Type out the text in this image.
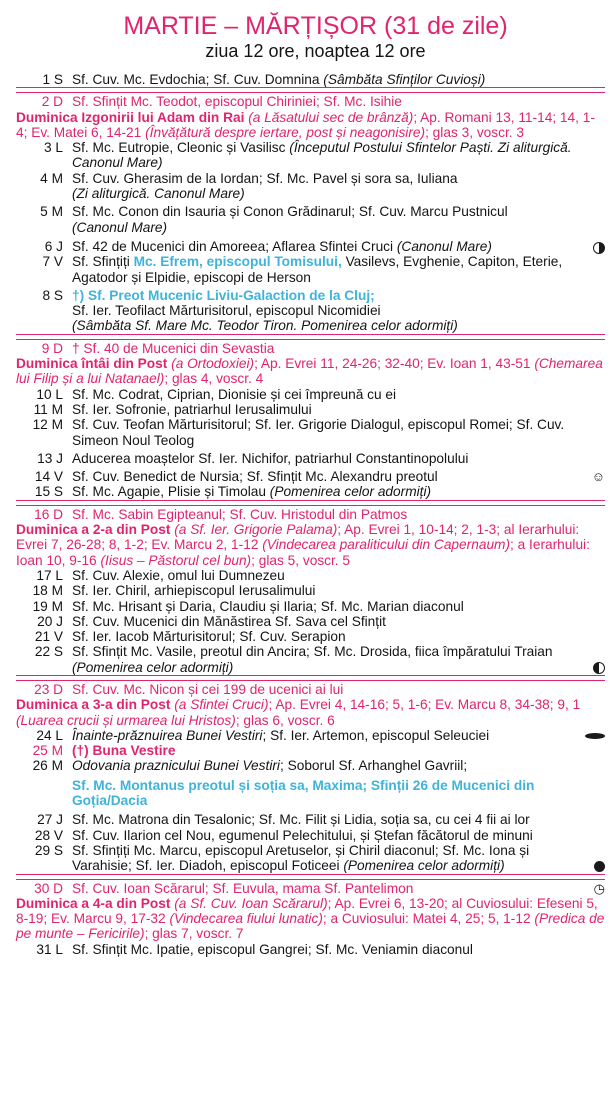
MARTIE – MĂRȚIȘOR (31 de zile)
ziua 12 ore, noaptea 12 ore
1 S Sf. Cuv. Mc. Evdochia; Sf. Cuv. Domnina (Sâmbăta Sfinților Cuvioși)
2 D Sf. Sfințit Mc. Teodot, episcopul Chiriniei; Sf. Mc. Isihie
Duminica Izgonirii lui Adam din Rai (a Lăsatului sec de brânză); Ap. Romani 13, 11-14; 14, 1-4; Ev. Matei 6, 14-21 (Învățătură despre iertare, post și neagonisire); glas 3, voscr. 3
3 L Sf. Mc. Eutropie, Cleonic și Vasilisc (Începutul Postului Sfintelor Paști. Zi aliturgică. Canonul Mare)
4 M Sf. Cuv. Gherasim de la Iordan; Sf. Mc. Pavel și sora sa, Iuliana
(Zi aliturgică. Canonul Mare)
5 M Sf. Mc. Conon din Isauria și Conon Grădinarul; Sf. Cuv. Marcu Pustnicul
(Canonul Mare)
6 J Sf. 42 de Mucenici din Amoreea; Aflarea Sfintei Cruci (Canonul Mare)
7 V Sf. Sfințiți Mc. Efrem, episcopul Tomisului, Vasilevs, Evghenie, Capiton, Eterie, Agatodor și Elpidie, episcopi de Herson
8 S †) Sf. Preot Mucenic Liviu-Galaction de la Cluj;
Sf. Ier. Teofilact Mărturisitorul, episcopul Nicomidiei
(Sâmbăta Sf. Mare Mc. Teodor Tiron. Pomenirea celor adormiți)
9 D † Sf. 40 de Mucenici din Sevastia
Duminica întâi din Post (a Ortodoxiei); Ap. Evrei 11, 24-26; 32-40; Ev. Ioan 1, 43-51 (Chemarea lui Filip și a lui Natanael); glas 4, voscr. 4
10 L Sf. Mc. Codrat, Ciprian, Dionisie și cei împreună cu ei
11 M Sf. Ier. Sofronie, patriarhul Ierusalimului
12 M Sf. Cuv. Teofan Mărturisitorul; Sf. Ier. Grigorie Dialogul, episcopul Romei; Sf. Cuv. Simeon Noul Teolog
13 J Aducerea moaștelor Sf. Ier. Nichifor, patriarhul Constantinopolului
14 V Sf. Cuv. Benedict de Nursia; Sf. Sfințit Mc. Alexandru preotul	☺
15 S Sf. Mc. Agapie, Plisie și Timolau (Pomenirea celor adormiți)
16 D Sf. Mc. Sabin Egipteanul; Sf. Cuv. Hristodul din Patmos
Duminica a 2-a din Post (a Sf. Ier. Grigorie Palama); Ap. Evrei 1, 10-14; 2, 1-3; al Ierarhului: Evrei 7, 26-28; 8, 1-2; Ev. Marcu 2, 1-12 (Vindecarea paraliticului din Capernaum); a Ierarhului: Ioan 10, 9-16 (Iisus – Păstorul cel bun); glas 5, voscr. 5
17 L Sf. Cuv. Alexie, omul lui Dumnezeu
18 M Sf. Ier. Chiril, arhiepiscopul Ierusalimului
19 M Sf. Mc. Hrisant și Daria, Claudiu și Ilaria; Sf. Mc. Marian diaconul
20 J Sf. Cuv. Mucenici din Mănăstirea Sf. Sava cel Sfințit
21 V Sf. Ier. Iacob Mărturisitorul; Sf. Cuv. Serapion
22 S Sf. Sfințit Mc. Vasile, preotul din Ancira; Sf. Mc. Drosida, fiica împăratului Traian (Pomenirea celor adormiți)
23 D Sf. Cuv. Mc. Nicon și cei 199 de ucenici ai lui
Duminica a 3-a din Post (a Sfintei Cruci); Ap. Evrei 4, 14-16; 5, 1-6; Ev. Marcu 8, 34-38; 9, 1 (Luarea crucii și urmarea lui Hristos); glas 6, voscr. 6
24 L Înainte-prăznuirea Bunei Vestiri; Sf. Ier. Artemon, episcopul Seleuciei
25 M (†) Buna Vestire
26 M Odovania praznicului Bunei Vestiri; Soborul Sf. Arhanghel Gavriil;

Sf. Mc. Montanus preotul și soția sa, Maxima; Sfinții 26 de Mucenici din Goția/Dacia
27 J Sf. Mc. Matrona din Tesalonic; Sf. Mc. Filit și Lidia, soția sa, cu cei 4 fii ai lor
28 V Sf. Cuv. Ilarion cel Nou, egumenul Pelechitului, și Ștefan făcătorul de minuni
29 S Sf. Sfințiți Mc. Marcu, episcopul Aretuselor, și Chiril diaconul; Sf. Mc. Iona și Varahisie; Sf. Ier. Diadoh, episcopul Foticeei (Pomenirea celor adormiți)
30 D Sf. Cuv. Ioan Scărarul; Sf. Euvula, mama Sf. Pantelimon	◷
Duminica a 4-a din Post (a Sf. Cuv. Ioan Scărarul); Ap. Evrei 6, 13-20; al Cuviosului: Efeseni 5, 8-19; Ev. Marcu 9, 17-32 (Vindecarea fiului lunatic); a Cuviosului: Matei 4, 25; 5, 1-12 (Predica de pe munte – Fericirile); glas 7, voscr. 7
31 L Sf. Sfințit Mc. Ipatie, episcopul Gangrei; Sf. Mc. Veniamin diaconul
